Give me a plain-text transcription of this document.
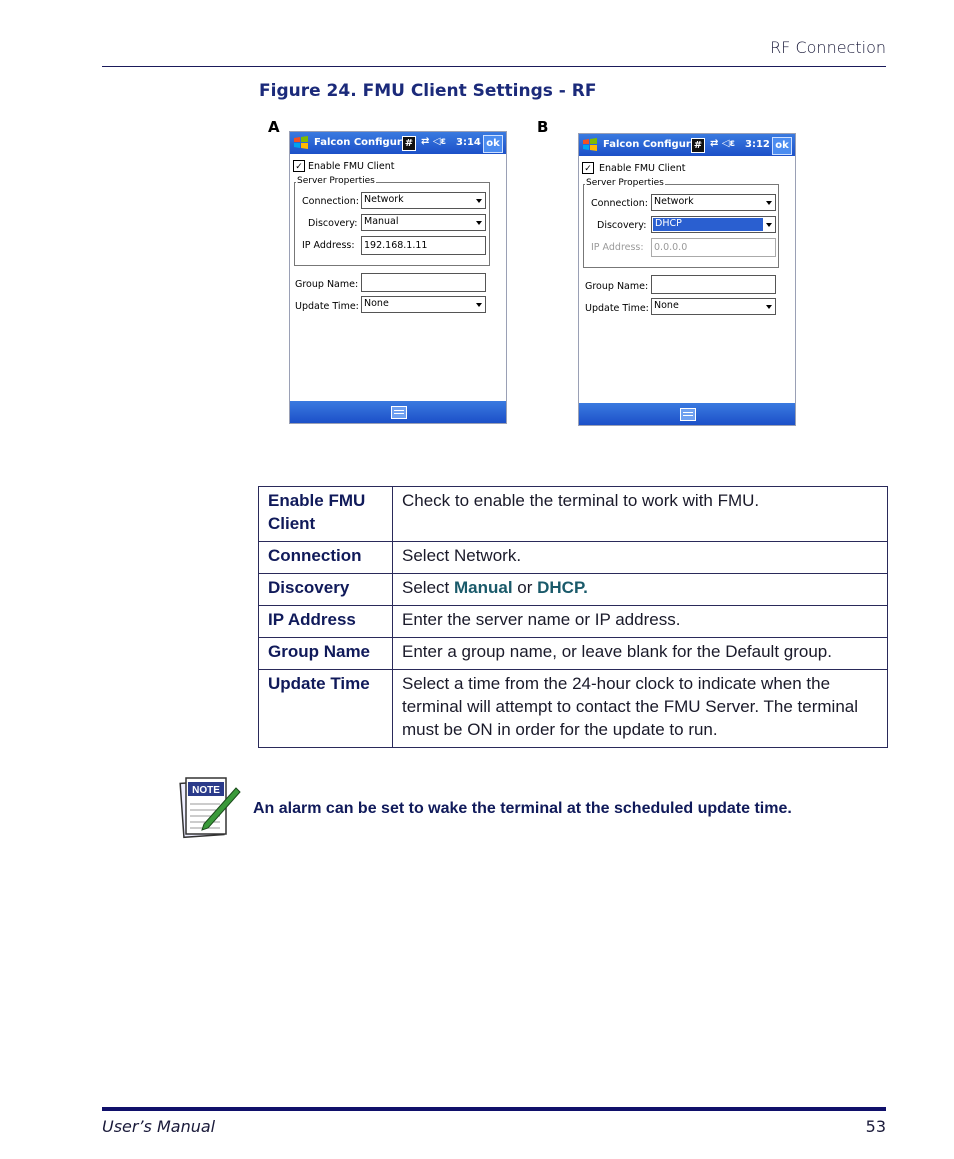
RF Connection
Figure 24. FMU Client Settings - RF
A	B
Falcon Configur # ⇄ ◁ε 3:14 ok
✓ Enable FMU Client
Server Properties
Connection: Network
Discovery: Manual
IP Address: 192.168.1.11
Group Name:
Update Time: None
Falcon Configur # ⇄ ◁ε 3:12 ok
✓ Enable FMU Client
Server Properties
Connection: Network
Discovery: DHCP
IP Address:	0.0.0.0
Group Name:
Update Time: None
Enable FMU Client	Check to enable the terminal to work with FMU.
Connection	Select Network.
Discovery	Select Manual or DHCP.
IP Address	Enter the server name or IP address.
Group Name	Enter a group name, or leave blank for the Default group.
Update Time	Select a time from the 24-hour clock to indicate when the terminal will attempt to contact the FMU Server. The terminal must be ON in order for the update to run.
NOTE
An alarm can be set to wake the terminal at the scheduled update time.
User’s Manual	53
